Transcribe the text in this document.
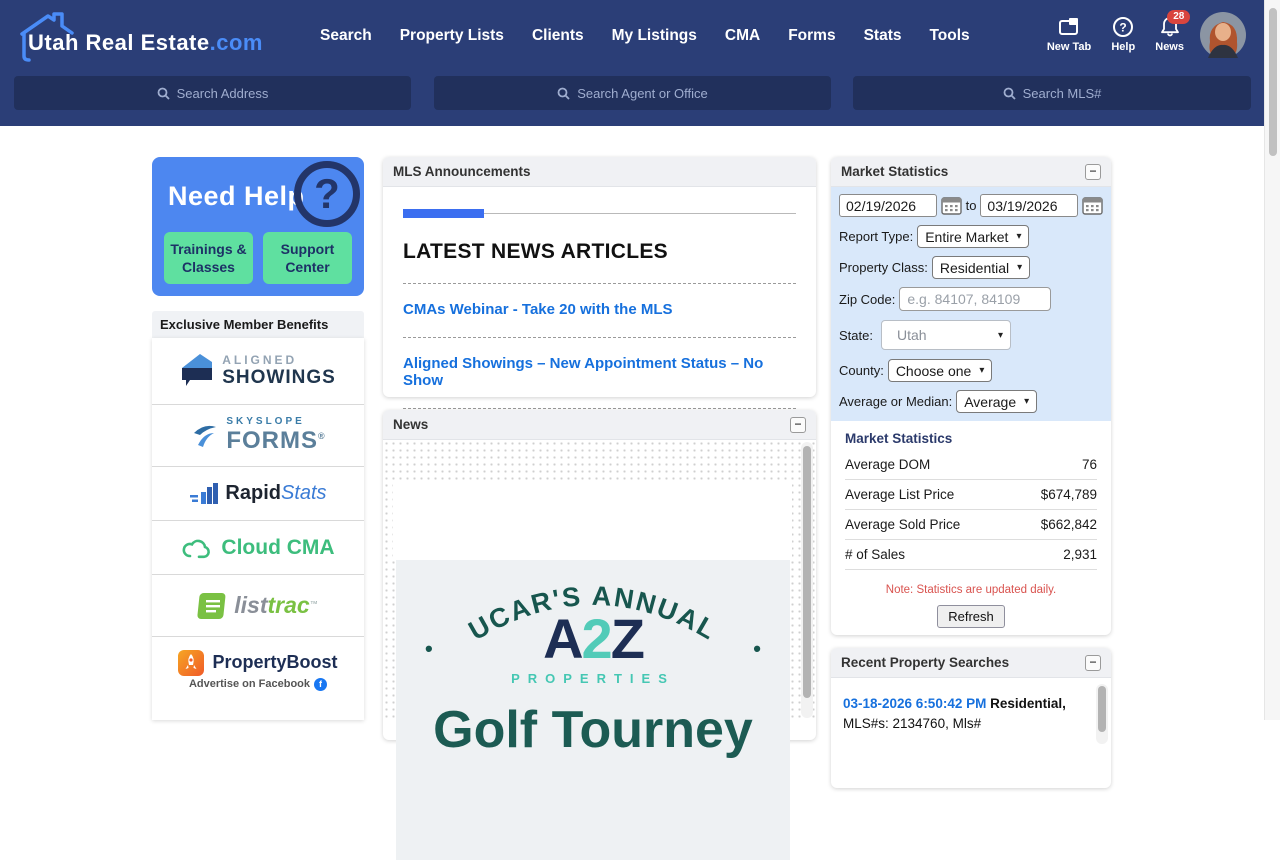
Utah Real Estate.com	Search Property Lists Clients My Listings CMA Forms Stats Tools
New Tab
?
Help
28
News
Search Address	Search Agent or Office	Search MLS#
Need Help ?
Trainings & Classes
Support Center
Exclusive Member Benefits
ALIGNED
SHOWINGS
SKYSLOPE
FORMS®
RapidStats
Cloud CMA
listtrac™
PropertyBoost
Advertise on Facebook	f
MLS Announcements
LATEST NEWS ARTICLES
CMAs Webinar - Take 20 with the MLS
Aligned Showings – New Appointment Status – No Show
News	−
UCAR'S ANNUAL
•	•
A 2 Z
PROPERTIES
Golf Tourney
Market Statistics	−
02/19/2026	to 03/19/2026
Report Type: Entire Market ▾
Property Class: Residential ▾
Zip Code:
e.g. 84107, 84109
State:	Utah	▾
County: Choose one ▾
Average or Median: Average ▾
Market Statistics
Average DOM	76
Average List Price	$674,789
Average Sold Price	$662,842
# of Sales	2,931
Note: Statistics are updated daily.
Refresh
Recent Property Searches	−
03-18-2026 6:50:42 PM Residential,
MLS#s: 2134760, Mls#
